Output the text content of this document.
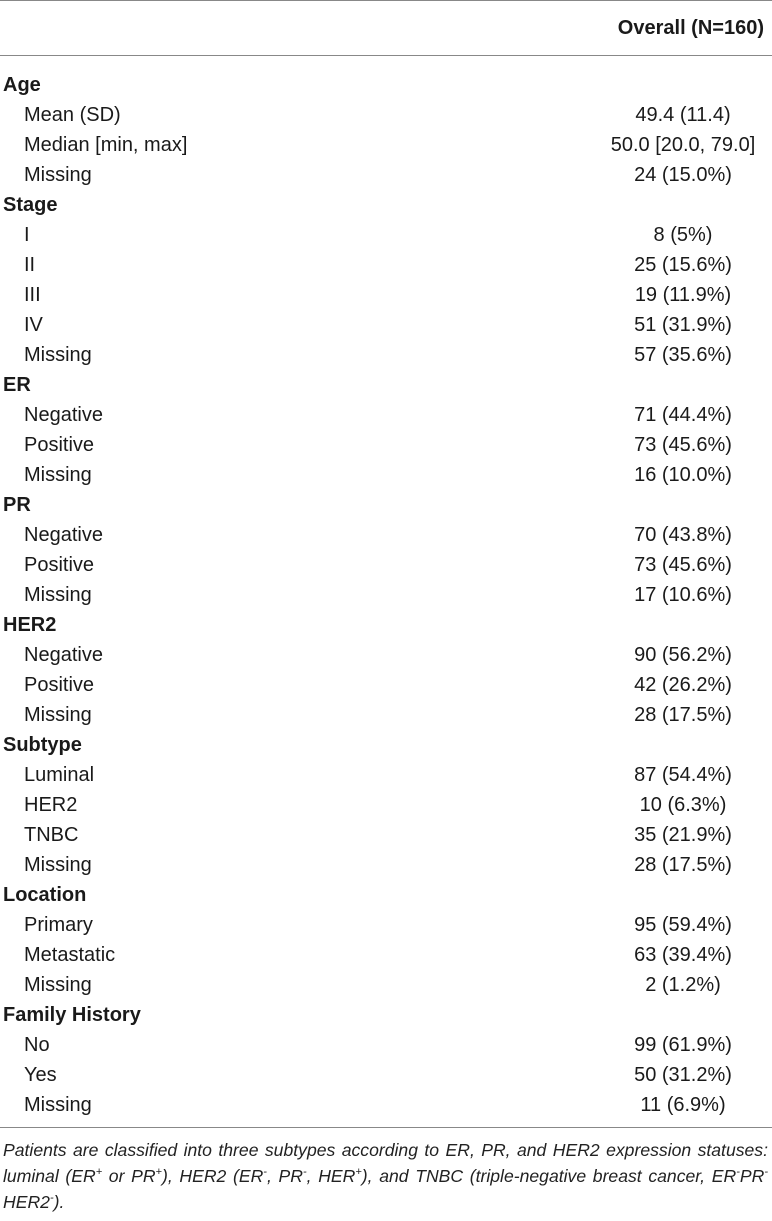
Overall (N=160)
Age
Mean (SD)	49.4 (11.4)
Median [min, max]	50.0 [20.0, 79.0]
Missing	24 (15.0%)
Stage
I	8 (5%)
II	25 (15.6%)
III	19 (11.9%)
IV	51 (31.9%)
Missing	57 (35.6%)
ER
Negative	71 (44.4%)
Positive	73 (45.6%)
Missing	16 (10.0%)
PR
Negative	70 (43.8%)
Positive	73 (45.6%)
Missing	17 (10.6%)
HER2
Negative	90 (56.2%)
Positive	42 (26.2%)
Missing	28 (17.5%)
Subtype
Luminal	87 (54.4%)
HER2	10 (6.3%)
TNBC	35 (21.9%)
Missing	28 (17.5%)
Location
Primary	95 (59.4%)
Metastatic	63 (39.4%)
Missing	2 (1.2%)
Family History
No	99 (61.9%)
Yes	50 (31.2%)
Missing	11 (6.9%)
Patients are classified into three subtypes according to ER, PR, and HER2 expression statuses: luminal (ER+ or PR+), HER2 (ER-, PR-, HER+), and TNBC (triple-negative breast cancer, ER-PR-HER2-).
